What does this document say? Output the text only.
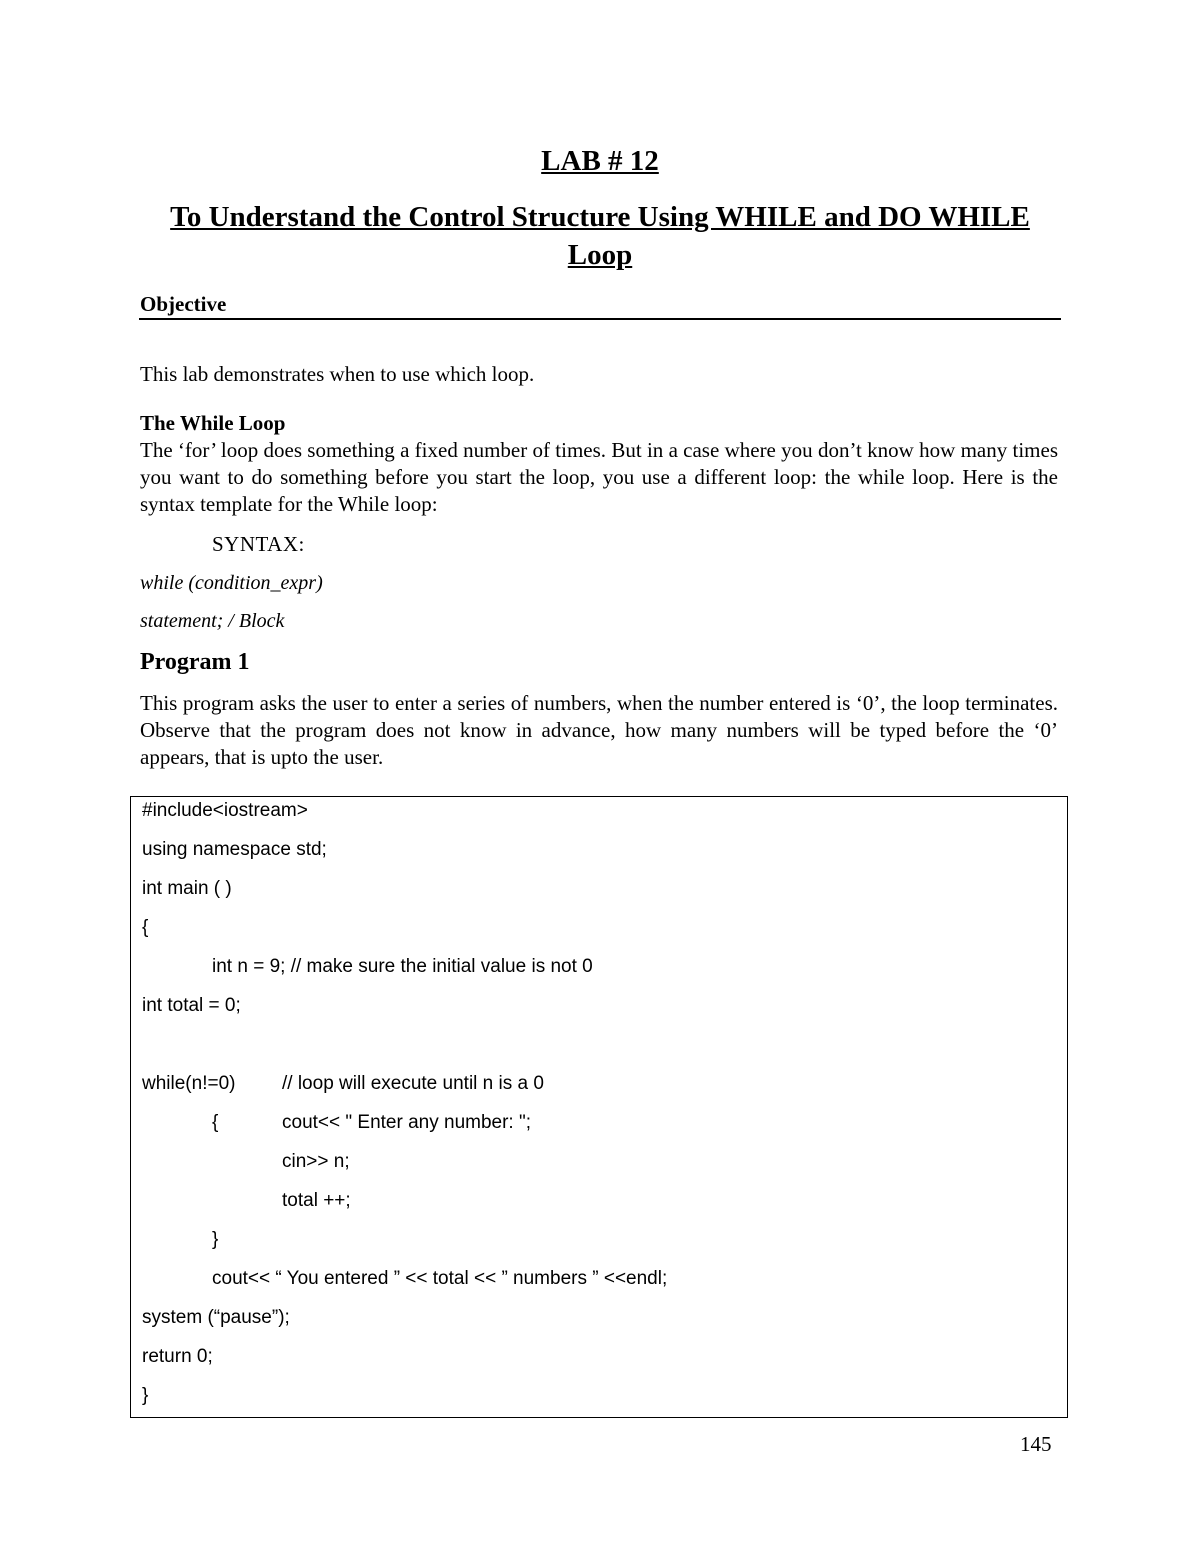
LAB # 12
To Understand the Control Structure Using WHILE and DO WHILE Loop
Objective
This lab demonstrates when to use which loop.
The While Loop
The ‘for’ loop does something a fixed number of times. But in a case where you don’t know how many times you want to do something before you start the loop, you use a different loop: the while loop. Here is the syntax template for the While loop:
SYNTAX:
while (condition_expr)
statement; / Block
Program 1
This program asks the user to enter a series of numbers, when the number entered is ‘0’, the loop terminates. Observe that the program does not know in advance, how many numbers will be typed before the ‘0’ appears, that is upto the user.
#include<iostream>
using namespace std;
int main ( )
{
int n = 9; // make sure the initial value is not 0
int total = 0;
while(n!=0) // loop will execute until n is a 0
{	cout<< " Enter any number: ";
cin>> n;
total ++;
}
cout<< “ You entered ” << total << ” numbers ” <<endl;
system (“pause”);
return 0;
}
145
